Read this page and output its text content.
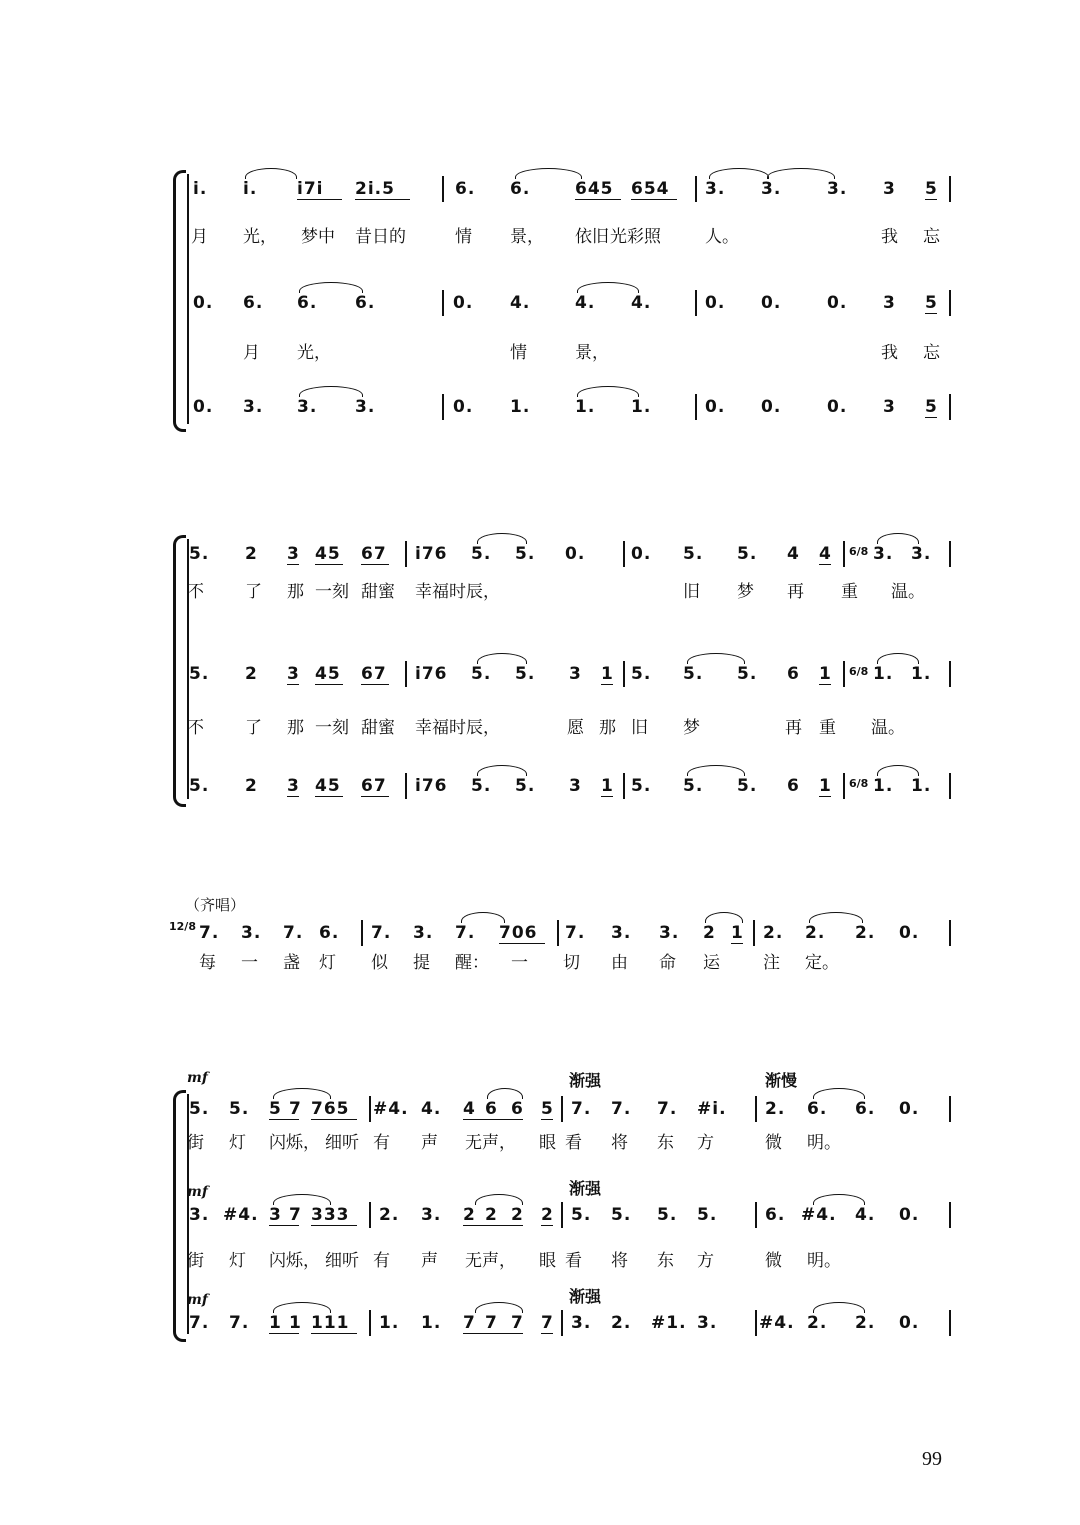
i. i. i7i 2i.5	6. 6.	645 654 3. 3.	3. 3 5
月 光， 梦中 昔日的	情 景， 依旧 光彩照	人。	我 忘
0. 6. 6. 6.	0. 4.	4. 4.	0. 0.	0. 3 5
月 光，	情	景，	我 忘
0. 3. 3. 3.	0. 1.	1. 1.	0. 0.	0. 3 5
5. 2 3 45 67 i76 5. 5. 0.	0. 5. 5. 4 4 6/8 3. 3.
不 了 那 一刻 甜蜜 幸福时辰，	旧 梦 再 重 温。
5. 2 3 45 67 i76 5. 5. 3 1 5. 5. 5. 6 1 6/8 1. 1.
不 了 那 一刻 甜蜜 幸福时辰，	愿 那 旧 梦	再 重 温。
5. 2 3 45 67 i76 5. 5. 3 1 5. 5. 5. 6 1 6/8 1. 1.
（齐唱）
12/8 7. 3. 7. 6. 7. 3. 7. 706 7. 3. 3. 2 1 2. 2. 2. 0.
每 一 盏 灯 似 提 醒： 一 切 由 命 运	注 定。
mf	渐强	渐慢
5. 5. 5 7 765 #4. 4. 4 6 6 5 7. 7. 7. #i. 2. 6. 6. 0.
街 灯 闪烁， 细听 有 声 无声， 眼 看 将 东 方	微 明。
mf	渐强
3. #4. 3 7 333 2. 3. 2 2 2 2 5. 5. 5. 5.	6. #4. 4. 0.
街 灯 闪烁， 细听 有 声 无声， 眼 看 将 东 方	微 明。
mf	渐强
7. 7. 1 1 111 1. 1. 7 7 7 7 3. 2. #1. 3. #4. 2. 2. 0.
99
